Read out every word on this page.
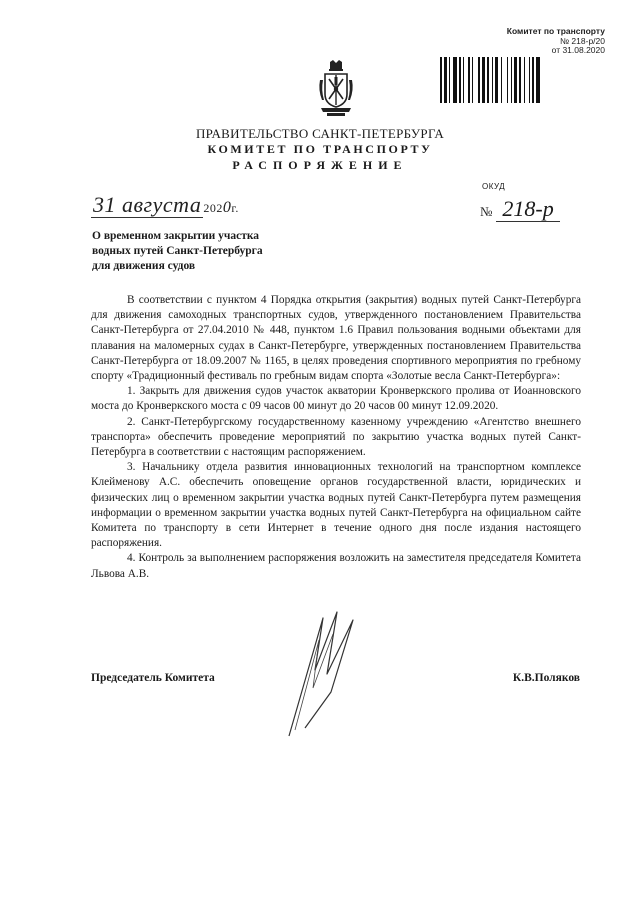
Комитет по транспорту
№ 218-р/20
от 31.08.2020
ПРАВИТЕЛЬСТВО САНКТ-ПЕТЕРБУРГА
КОМИТЕТ ПО ТРАНСПОРТУ
РАСПОРЯЖЕНИЕ
ОКУД
31 августа 2020г.	№ 218-р
О временном закрытии участка
водных путей Санкт-Петербурга
для движения судов

В соответствии с пунктом 4 Порядка открытия (закрытия) водных путей Санкт-Петербурга для движения самоходных транспортных судов, утвержденного постановлением Правительства Санкт-Петербурга от 27.04.2010 № 448, пунктом 1.6 Правил пользования водными объектами для плавания на маломерных судах в Санкт-Петербурге, утвержденных постановлением Правительства Санкт-Петербурга от 18.09.2007 № 1165, в целях проведения спортивного мероприятия по гребному спорту «Традиционный фестиваль по гребным видам спорта «Золотые весла Санкт-Петербурга»:

1. Закрыть для движения судов участок акватории Кронверкского пролива от Иоанновского моста до Кронверкского моста с 09 часов 00 минут до 20 часов 00 минут 12.09.2020.

2. Санкт-Петербургскому государственному казенному учреждению «Агентство внешнего транспорта» обеспечить проведение мероприятий по закрытию участка водных путей Санкт-Петербурга в соответствии с настоящим распоряжением.

3. Начальнику отдела развития инновационных технологий на транспортном комплексе Клейменову А.С. обеспечить оповещение органов государственной власти, юридических и физических лиц о временном закрытии участка водных путей Санкт-Петербурга путем размещения информации о временном закрытии участка водных путей Санкт-Петербурга на официальном сайте Комитета по транспорту в сети Интернет в течение одного дня после издания настоящего распоряжения.

4. Контроль за выполнением распоряжения возложить на заместителя председателя Комитета Львова А.В.

Председатель Комитета	К.В.Поляков
